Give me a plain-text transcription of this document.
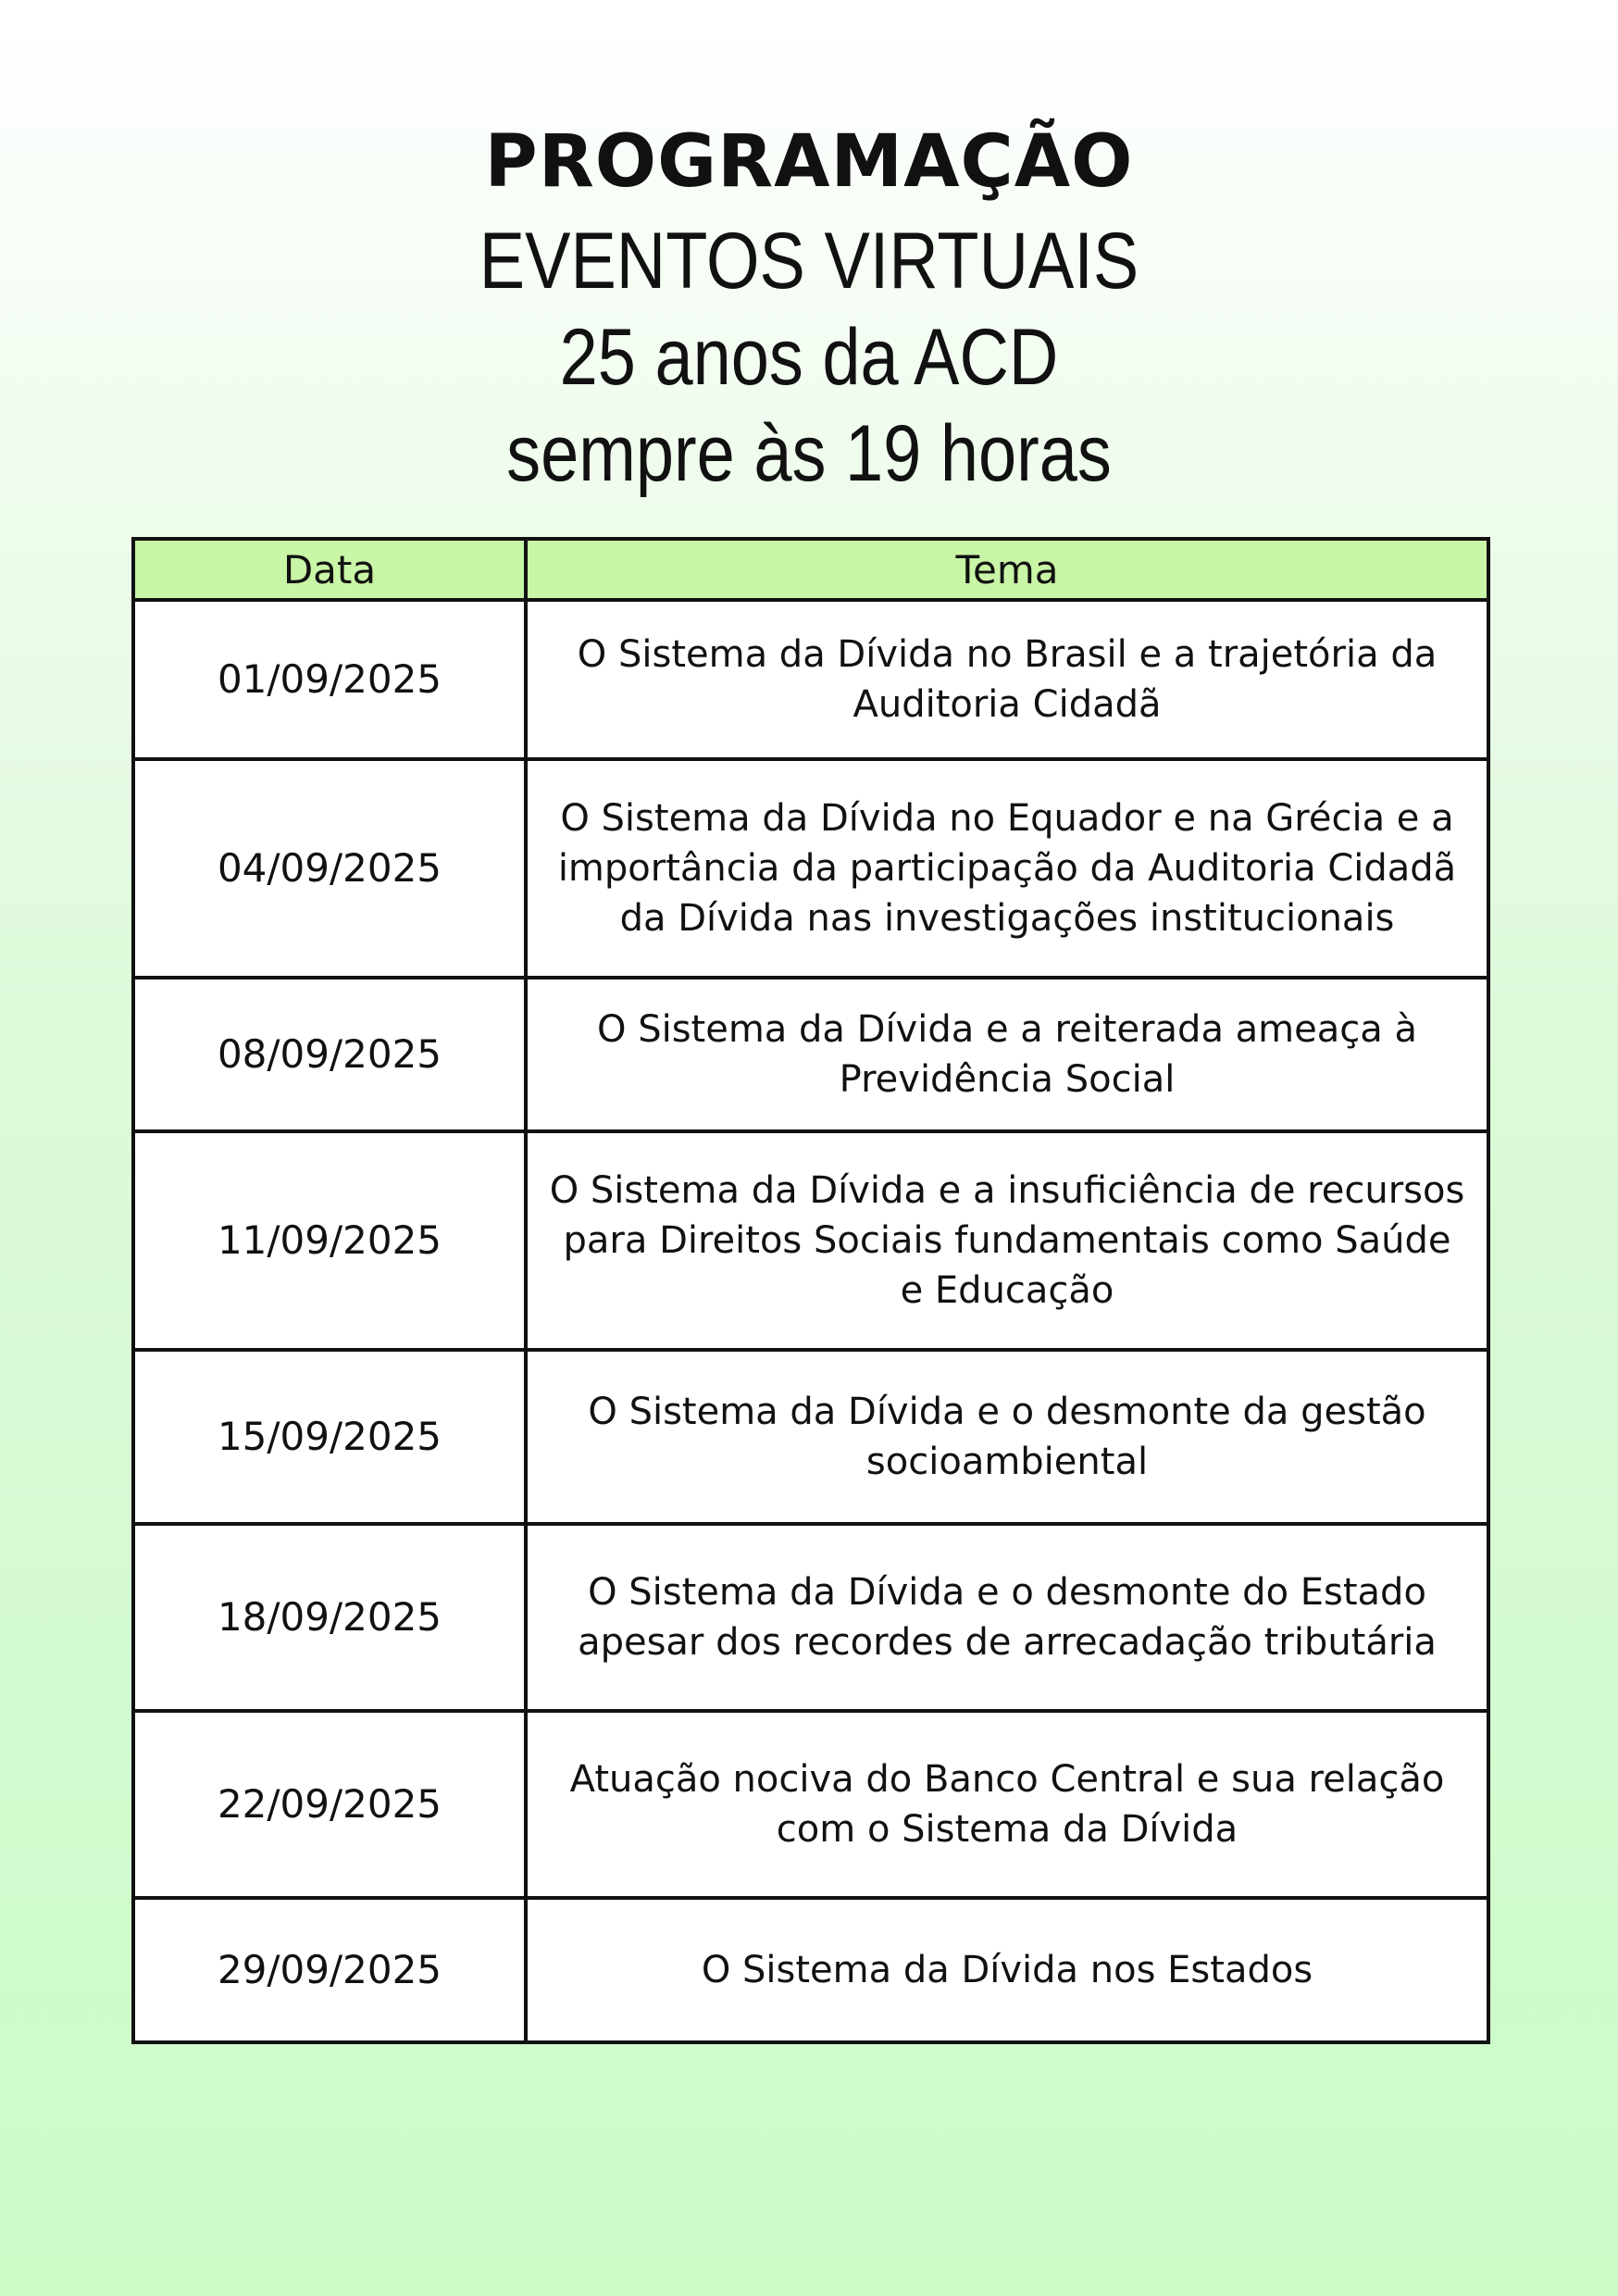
PROGRAMAÇÃO
EVENTOS VIRTUAIS
25 anos da ACD
sempre às 19 horas
Data	Tema
01/09/2025	O Sistema da Dívida no Brasil e a trajetória da Auditoria Cidadã
04/09/2025	O Sistema da Dívida no Equador e na Grécia e a importância da participação da Auditoria Cidadã da Dívida nas investigações institucionais
08/09/2025	O Sistema da Dívida e a reiterada ameaça à Previdência Social
11/09/2025	O Sistema da Dívida e a insuficiência de recursos para Direitos Sociais fundamentais como Saúde e Educação
15/09/2025	O Sistema da Dívida e o desmonte da gestão socioambiental
18/09/2025	O Sistema da Dívida e o desmonte do Estado apesar dos recordes de arrecadação tributária
22/09/2025	Atuação nociva do Banco Central e sua relação com o Sistema da Dívida
29/09/2025	O Sistema da Dívida nos Estados
